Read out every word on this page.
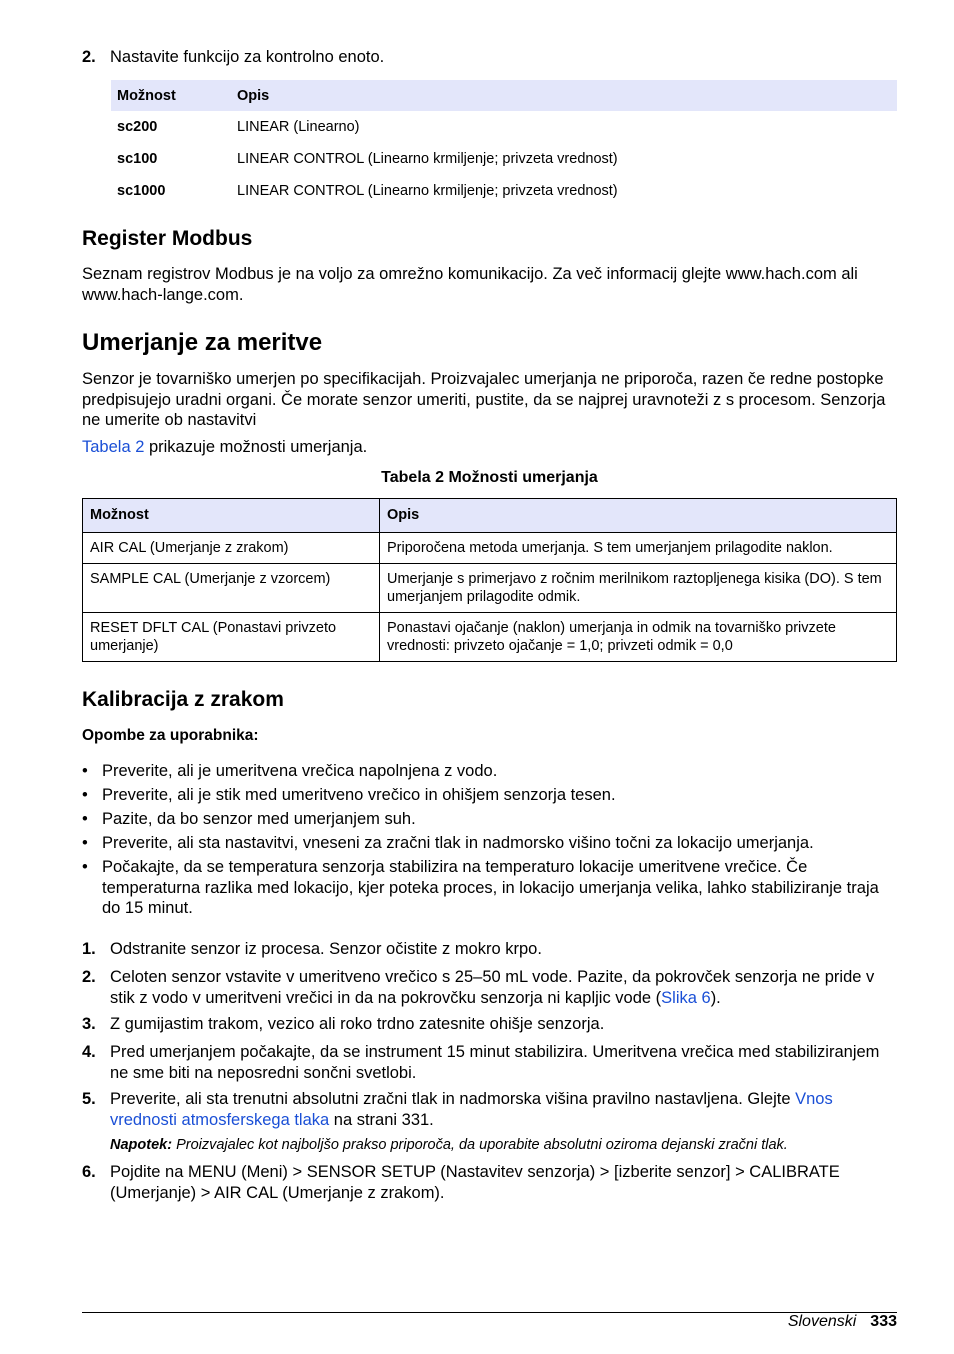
2. Nastavite funkcijo za kontrolno enoto.
Možnost	Opis
sc200	LINEAR (Linearno)
sc100	LINEAR CONTROL (Linearno krmiljenje; privzeta vrednost)
sc1000	LINEAR CONTROL (Linearno krmiljenje; privzeta vrednost)
Register Modbus

Seznam registrov Modbus je na voljo za omrežno komunikacijo. Za več informacij glejte www.hach.com ali www.hach-lange.com.

Umerjanje za meritve

Senzor je tovarniško umerjen po specifikacijah. Proizvajalec umerjanja ne priporoča, razen če redne postopke predpisujejo uradni organi. Če morate senzor umeriti, pustite, da se najprej uravnoteži z s procesom. Senzorja ne umerite ob nastavitvi

Tabela 2 prikazuje možnosti umerjanja.

Tabela 2 Možnosti umerjanja
Možnost	Opis
AIR CAL (Umerjanje z zrakom)	Priporočena metoda umerjanja. S tem umerjanjem prilagodite naklon.
SAMPLE CAL (Umerjanje z vzorcem)	Umerjanje s primerjavo z ročnim merilnikom raztopljenega kisika (DO). S tem umerjanjem prilagodite odmik.
RESET DFLT CAL (Ponastavi privzeto umerjanje)	Ponastavi ojačanje (naklon) umerjanja in odmik na tovarniško privzete vrednosti: privzeto ojačanje = 1,0; privzeti odmik = 0,0
Kalibracija z zrakom

Opombe za uporabnika:

• Preverite, ali je umeritvena vrečica napolnjena z vodo.
• Preverite, ali je stik med umeritveno vrečico in ohišjem senzorja tesen.
• Pazite, da bo senzor med umerjanjem suh.
• Preverite, ali sta nastavitvi, vneseni za zračni tlak in nadmorsko višino točni za lokacijo umerjanja.
• Počakajte, da se temperatura senzorja stabilizira na temperaturo lokacije umeritvene vrečice. Če temperaturna razlika med lokacijo, kjer poteka proces, in lokacijo umerjanja velika, lahko stabiliziranje traja do 15 minut.
1. Odstranite senzor iz procesa. Senzor očistite z mokro krpo.
2. Celoten senzor vstavite v umeritveno vrečico s 25–50 mL vode. Pazite, da pokrovček senzorja ne pride v stik z vodo v umeritveni vrečici in da na pokrovčku senzorja ni kapljic vode (Slika 6).
3. Z gumijastim trakom, vezico ali roko trdno zatesnite ohišje senzorja.
4. Pred umerjanjem počakajte, da se instrument 15 minut stabilizira. Umeritvena vrečica med stabiliziranjem ne sme biti na neposredni sončni svetlobi.
5. Preverite, ali sta trenutni absolutni zračni tlak in nadmorska višina pravilno nastavljena. Glejte Vnos vrednosti atmosferskega tlaka na strani 331.
Napotek: Proizvajalec kot najboljšo prakso priporoča, da uporabite absolutni oziroma dejanski zračni tlak.
6. Pojdite na MENU (Meni) > SENSOR SETUP (Nastavitev senzorja) > [izberite senzor] > CALIBRATE (Umerjanje) > AIR CAL (Umerjanje z zrakom).
Slovenski 333
